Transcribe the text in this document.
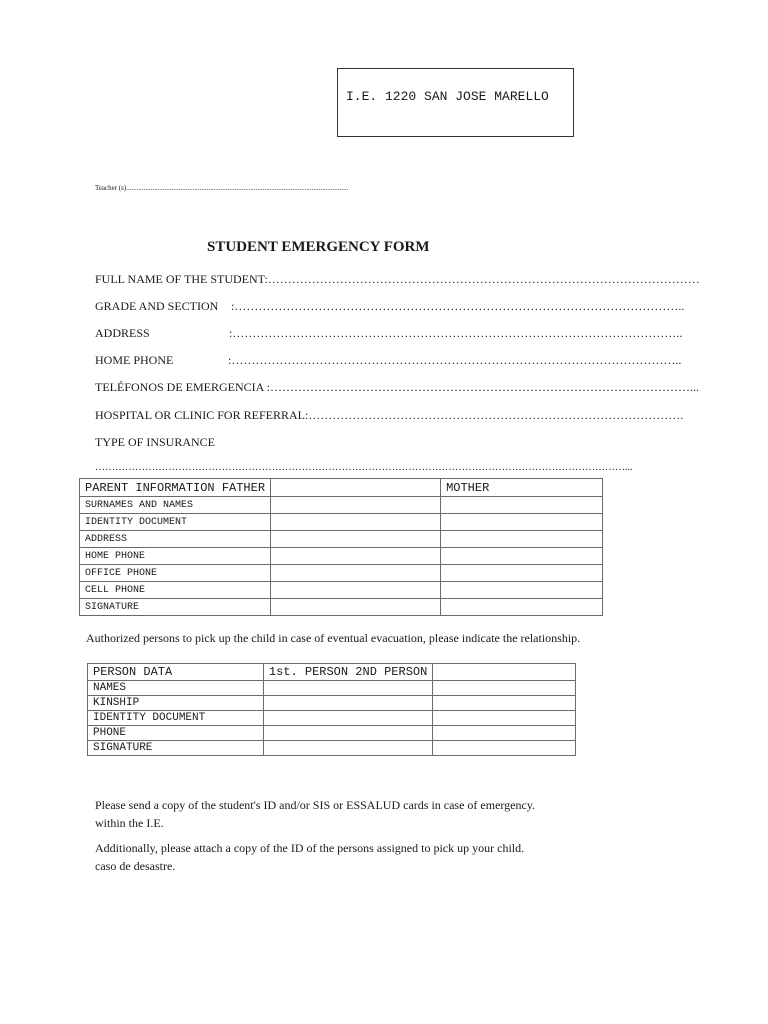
I.E. 1220 SAN JOSE MARELLO
Teacher (s)...............................................................................................................................
STUDENT EMERGENCY FORM
FULL NAME OF THE STUDENT:………………………………………………………………………………………………
GRADE AND SECTION :…………………………………………………………………………………………………..
ADDRESS	:…………………………………………………………………………………………………..
HOME PHONE	:…………………………………………………………………………………………………..
TELÉFONOS DE EMERGENCIA :……………………………………………………………………………………………...
HOSPITAL OR CLINIC FOR REFERRAL:………………………………………………………………………………….
TYPE OF INSURANCE
……………………………………………………………………………………………………………………………………………...
PARENT INFORMATION FATHER		MOTHER
SURNAMES AND NAMES		
IDENTITY DOCUMENT		
ADDRESS		
HOME PHONE		
OFFICE PHONE		
CELL PHONE		
SIGNATURE		
Authorized persons to pick up the child in case of eventual evacuation, please indicate the relationship.
PERSON DATA	1st. PERSON 2ND PERSON	
NAMES		
KINSHIP		
IDENTITY DOCUMENT		
PHONE		
SIGNATURE		
Please send a copy of the student's ID and/or SIS or ESSALUD cards in case of emergency.
within the I.E.
Additionally, please attach a copy of the ID of the persons assigned to pick up your child.
caso de desastre.
